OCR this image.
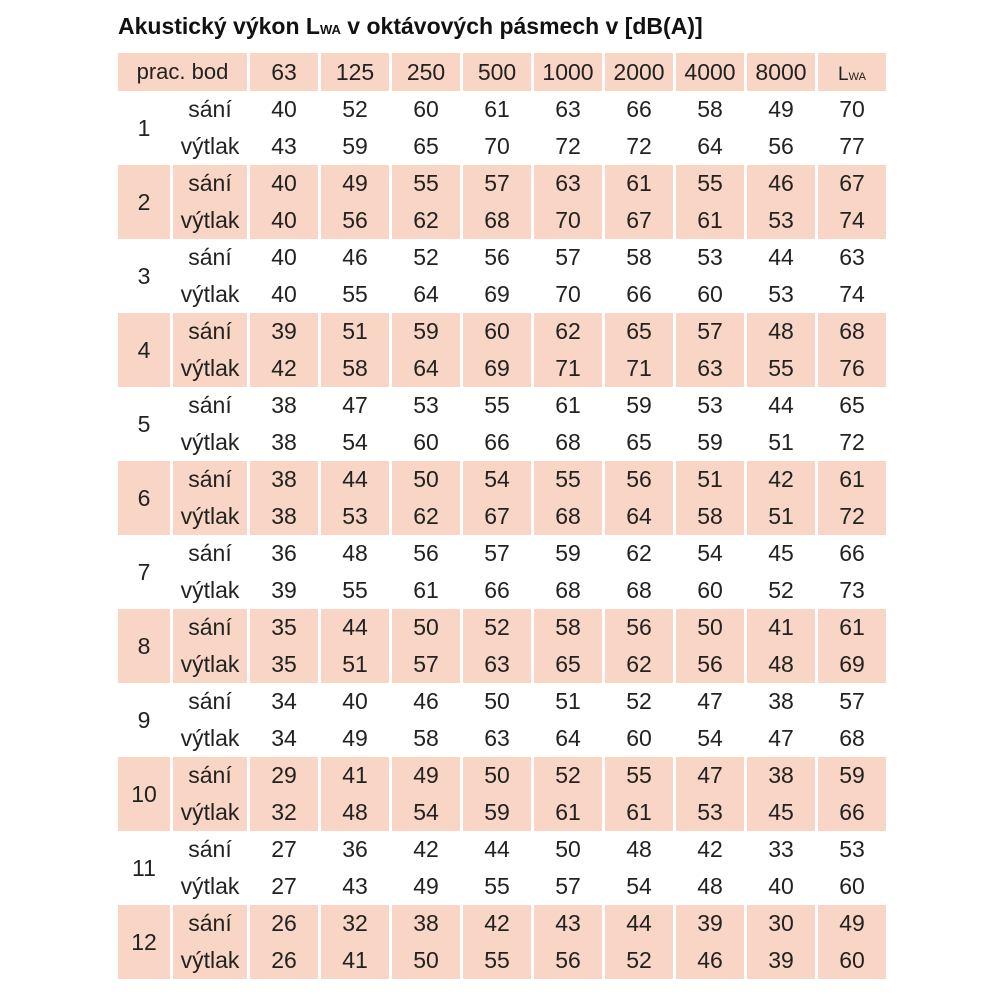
Akustický výkon LWA v oktávových pásmech v [dB(A)]
prac. bod		63	125	250	500	1000	2000	4000	8000	LWA
1	sání	40	52	60	61	63	66	58	49	70
	výtlak	43	59	65	70	72	72	64	56	77
2	sání	40	49	55	57	63	61	55	46	67
	výtlak	40	56	62	68	70	67	61	53	74
3	sání	40	46	52	56	57	58	53	44	63
	výtlak	40	55	64	69	70	66	60	53	74
4	sání	39	51	59	60	62	65	57	48	68
	výtlak	42	58	64	69	71	71	63	55	76
5	sání	38	47	53	55	61	59	53	44	65
	výtlak	38	54	60	66	68	65	59	51	72
6	sání	38	44	50	54	55	56	51	42	61
	výtlak	38	53	62	67	68	64	58	51	72
7	sání	36	48	56	57	59	62	54	45	66
	výtlak	39	55	61	66	68	68	60	52	73
8	sání	35	44	50	52	58	56	50	41	61
	výtlak	35	51	57	63	65	62	56	48	69
9	sání	34	40	46	50	51	52	47	38	57
	výtlak	34	49	58	63	64	60	54	47	68
10	sání	29	41	49	50	52	55	47	38	59
	výtlak	32	48	54	59	61	61	53	45	66
11	sání	27	36	42	44	50	48	42	33	53
	výtlak	27	43	49	55	57	54	48	40	60
12	sání	26	32	38	42	43	44	39	30	49
	výtlak	26	41	50	55	56	52	46	39	60
